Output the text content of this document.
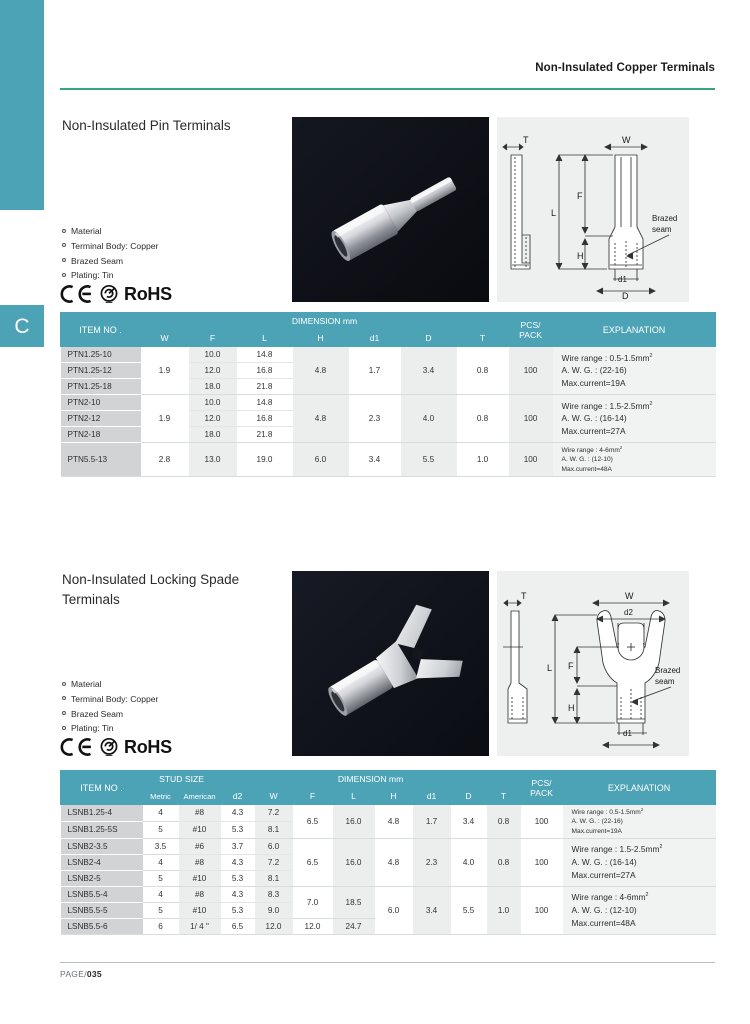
C
Non-Insulated Copper Terminals
Non-Insulated Pin Terminals
Material
Terminal Body: Copper
Brazed Seam
Plating: Tin
RoHS
T	W
L
F
H
d1
D
Brazed
seam
ITEM NO .	DIMENSION mm							PCS/
PACK	EXPLANATION
	W	F	L	H	d1	D	T		
PTN1.25-10	1.9	10.0	14.8	4.8	1.7	3.4	0.8	100	Wire range : $0.5-1.5mm^2$
A. W. G. : (22-16)
Max.current=19A
PTN1.25-12		12.0	16.8						
PTN1.25-18		18.0	21.8						
PTN2-10	1.9	10.0	14.8	4.8	2.3	4.0	0.8	100	Wire range : $1.5-2.5mm^2$
A. W. G. : (16-14)
Max.current=27A
PTN2-12		12.0	16.8						
PTN2-18		18.0	21.8						
PTN5.5-13	2.8	13.0	19.0	6.0	3.4	5.5	1.0	100	Wire range : $4-6mm^2$
A. W. G. : (12-10)
Max.current=48A
Non-Insulated Locking Spade Terminals
Material
Terminal Body: Copper
Brazed Seam
Plating: Tin
RoHS
T	W
d2
L F
H
d1
Brazed
seam
ITEM NO .	STUD SIZE		DIMENSION mm								PCS/
PACK	EXPLANATION
	Metric	American	d2	W	F	L	H	d1	D	T		
LSNB1.25-4	4	#8	4.3	7.2	6.5	16.0	4.8	1.7	3.4	0.8	100	Wire range : $0.5-1.5mm^2$
A. W. G. : (22-16)
Max.current=19A
LSNB1.25-5S	5	#10	5.3	8.1								
LSNB2-3.5	3.5	#6	3.7	6.0	6.5	16.0	4.8	2.3	4.0	0.8	100	Wire range : $1.5-2.5mm^2$
A. W. G. : (16-14)
Max.current=27A
LSNB2-4	4	#8	4.3	7.2								
LSNB2-5	5	#10	5.3	8.1								
LSNB5.5-4	4	#8	4.3	8.3	7.0	18.5	6.0	3.4	5.5	1.0	100	Wire range : $4-6mm^2$
A. W. G. : (12-10)
Max.current=48A
LSNB5.5-5	5	#10	5.3	9.0								
LSNB5.5-6	6	1/ 4 "	6.5	12.0	12.0	24.7						
PAGE/035
